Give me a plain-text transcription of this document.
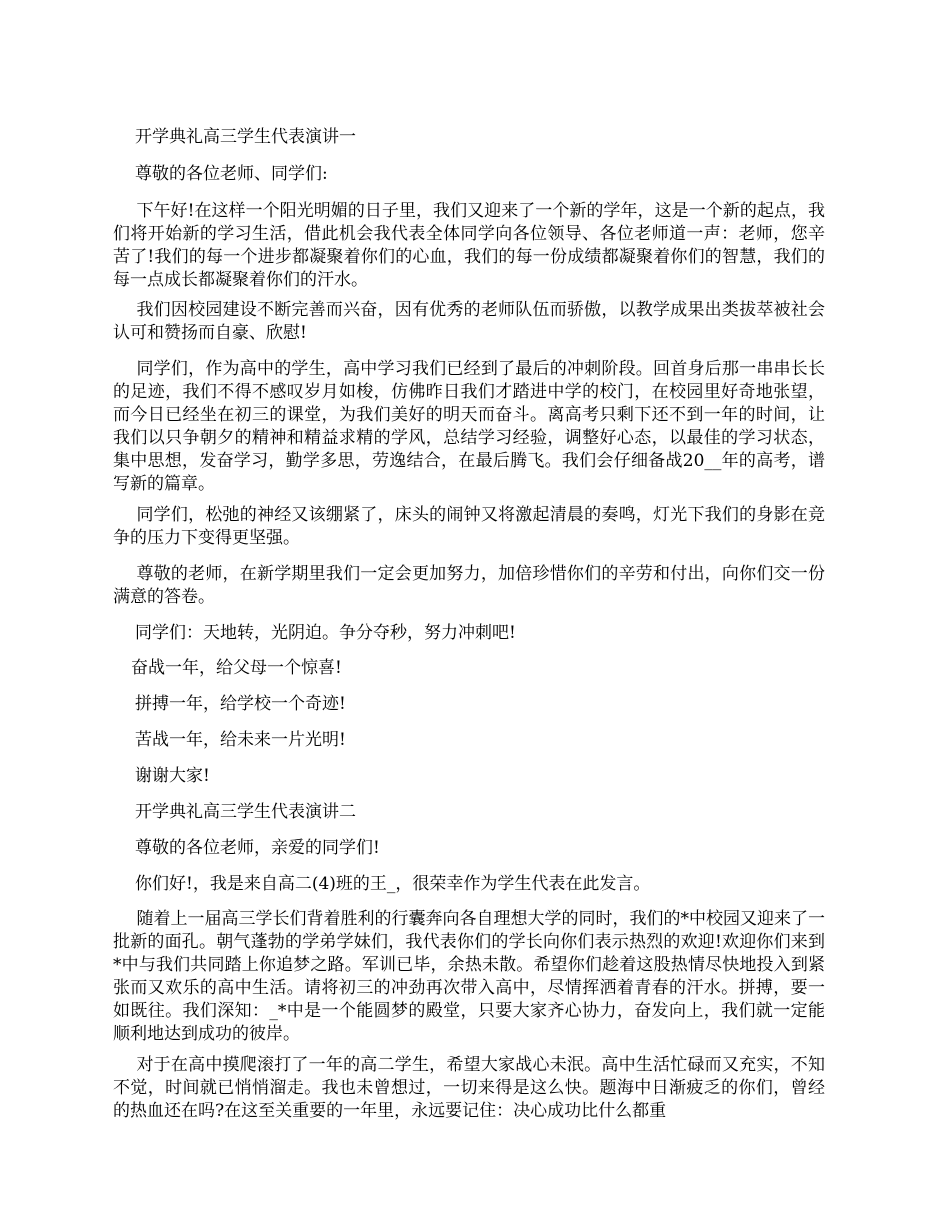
开学典礼高三学生代表演讲一

尊敬的各位老师、同学们:

下午好!在这样一个阳光明媚的日子里，我们又迎来了一个新的学年，这是一个新的起点，我们将开始新的学习生活，借此机会我代表全体同学向各位领导、各位老师道一声：老师，您辛苦了!我们的每一个进步都凝聚着你们的心血，我们的每一份成绩都凝聚着你们的智慧，我们的每一点成长都凝聚着你们的汗水。

我们因校园建设不断完善而兴奋，因有优秀的老师队伍而骄傲，以教学成果出类拔萃被社会认可和赞扬而自豪、欣慰!

同学们，作为高中的学生，高中学习我们已经到了最后的冲刺阶段。回首身后那一串串长长的足迹，我们不得不感叹岁月如梭，仿佛昨日我们才踏进中学的校门，在校园里好奇地张望，而今日已经坐在初三的课堂，为我们美好的明天而奋斗。离高考只剩下还不到一年的时间，让我们以只争朝夕的精神和精益求精的学风，总结学习经验，调整好心态，以最佳的学习状态，集中思想，发奋学习，勤学多思，劳逸结合，在最后腾飞。我们会仔细备战20__年的高考，谱写新的篇章。

同学们，松弛的神经又该绷紧了，床头的闹钟又将激起清晨的奏鸣，灯光下我们的身影在竞争的压力下变得更坚强。

尊敬的老师，在新学期里我们一定会更加努力，加倍珍惜你们的辛劳和付出，向你们交一份满意的答卷。

同学们：天地转，光阴迫。争分夺秒，努力冲刺吧!

奋战一年，给父母一个惊喜!

拼搏一年，给学校一个奇迹!

苦战一年，给未来一片光明!

谢谢大家!

开学典礼高三学生代表演讲二

尊敬的各位老师，亲爱的同学们!

你们好!，我是来自高二(4)班的王_，很荣幸作为学生代表在此发言。

随着上一届高三学长们背着胜利的行囊奔向各自理想大学的同时，我们的*中校园又迎来了一批新的面孔。朝气蓬勃的学弟学妹们，我代表你们的学长向你们表示热烈的欢迎!欢迎你们来到*中与我们共同踏上你追梦之路。军训已毕，余热未散。希望你们趁着这股热情尽快地投入到紧张而又欢乐的高中生活。请将初三的冲劲再次带入高中，尽情挥洒着青春的汗水。拼搏，要一如既往。我们深知：_*中是一个能圆梦的殿堂，只要大家齐心协力，奋发向上，我们就一定能顺利地达到成功的彼岸。

对于在高中摸爬滚打了一年的高二学生，希望大家战心未泯。高中生活忙碌而又充实，不知不觉，时间就已悄悄溜走。我也未曾想过，一切来得是这么快。题海中日渐疲乏的你们，曾经的热血还在吗?在这至关重要的一年里，永远要记住：决心成功比什么都重
